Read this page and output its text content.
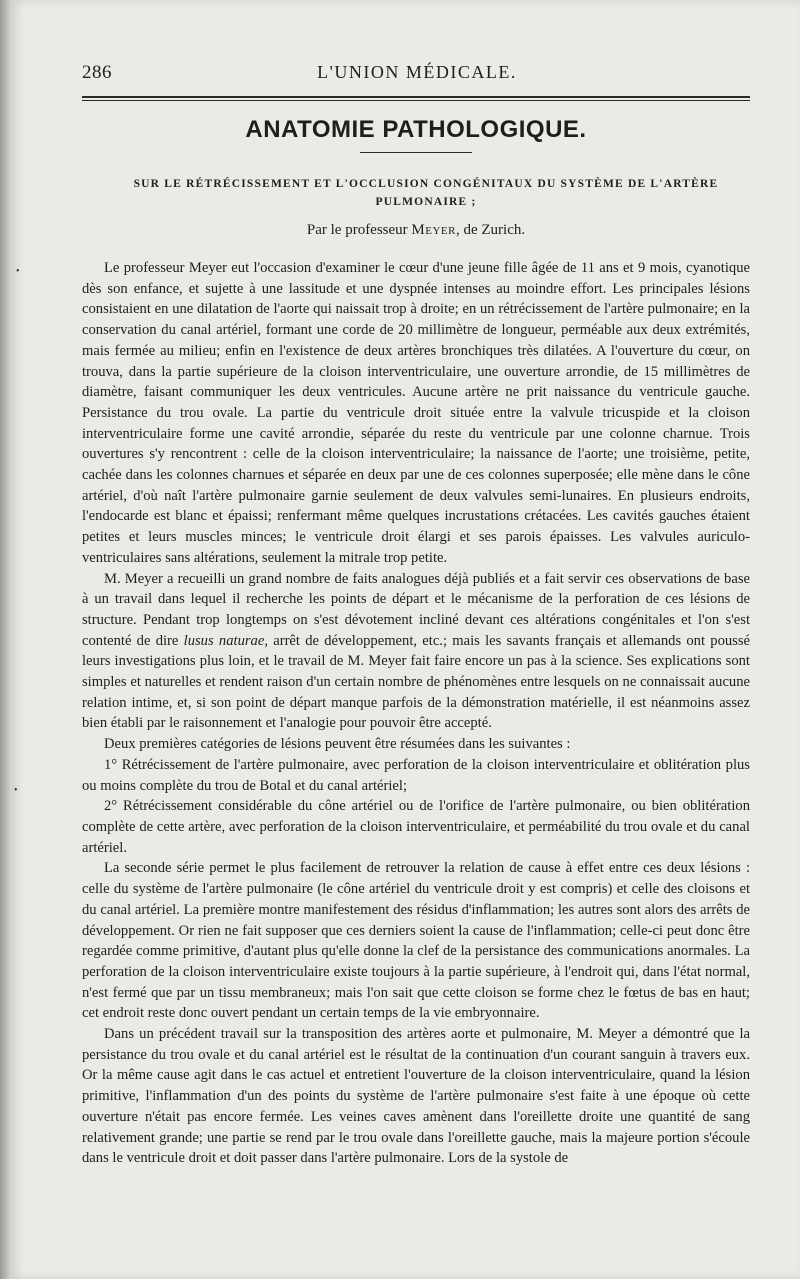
286	L'UNION MÉDICALE.
ANATOMIE PATHOLOGIQUE.
SUR LE RÉTRÉCISSEMENT ET L'OCCLUSION CONGÉNITAUX DU SYSTÈME DE L'ARTÈRE PULMONAIRE ;
Par le professeur Meyer, de Zurich.
•
•

Le professeur Meyer eut l'occasion d'examiner le cœur d'une jeune fille âgée de 11 ans et 9 mois, cyanotique dès son enfance, et sujette à une lassitude et une dyspnée intenses au moindre effort. Les principales lésions consistaient en une dilatation de l'aorte qui naissait trop à droite; en un rétrécissement de l'artère pulmonaire; en la conservation du canal artériel, formant une corde de 20 millimètre de longueur, perméable aux deux extrémités, mais fermée au milieu; enfin en l'existence de deux artères bronchiques très dilatées. A l'ouverture du cœur, on trouva, dans la partie supérieure de la cloison interventriculaire, une ouverture arrondie, de 15 millimètres de diamètre, faisant communiquer les deux ventricules. Aucune artère ne prit naissance du ventricule gauche. Persistance du trou ovale. La partie du ventricule droit située entre la valvule tricuspide et la cloison interventriculaire forme une cavité arrondie, séparée du reste du ventricule par une colonne charnue. Trois ouvertures s'y rencontrent : celle de la cloison interventriculaire; la naissance de l'aorte; une troisième, petite, cachée dans les colonnes charnues et séparée en deux par une de ces colonnes superposée; elle mène dans le cône artériel, d'où naît l'artère pulmonaire garnie seulement de deux valvules semi-lunaires. En plusieurs endroits, l'endocarde est blanc et épaissi; renfermant même quelques incrustations crétacées. Les cavités gauches étaient petites et leurs muscles minces; le ventricule droit élargi et ses parois épaisses. Les valvules auriculo-ventriculaires sans altérations, seulement la mitrale trop petite.

M. Meyer a recueilli un grand nombre de faits analogues déjà publiés et a fait servir ces observations de base à un travail dans lequel il recherche les points de départ et le mécanisme de la perforation de ces lésions de structure. Pendant trop longtemps on s'est dévotement incliné devant ces altérations congénitales et l'on s'est contenté de dire lusus naturae, arrêt de développement, etc.; mais les savants français et allemands ont poussé leurs investigations plus loin, et le travail de M. Meyer fait faire encore un pas à la science. Ses explications sont simples et naturelles et rendent raison d'un certain nombre de phénomènes entre lesquels on ne connaissait aucune relation intime, et, si son point de départ manque parfois de la démonstration matérielle, il est néanmoins assez bien établi par le raisonnement et l'analogie pour pouvoir être accepté.

Deux premières catégories de lésions peuvent être résumées dans les suivantes :

1° Rétrécissement de l'artère pulmonaire, avec perforation de la cloison interventriculaire et oblitération plus ou moins complète du trou de Botal et du canal artériel;

2° Rétrécissement considérable du cône artériel ou de l'orifice de l'artère pulmonaire, ou bien oblitération complète de cette artère, avec perforation de la cloison interventriculaire, et perméabilité du trou ovale et du canal artériel.

La seconde série permet le plus facilement de retrouver la relation de cause à effet entre ces deux lésions : celle du système de l'artère pulmonaire (le cône artériel du ventricule droit y est compris) et celle des cloisons et du canal artériel. La première montre manifestement des résidus d'inflammation; les autres sont alors des arrêts de développement. Or rien ne fait supposer que ces derniers soient la cause de l'inflammation; celle-ci peut donc être regardée comme primitive, d'autant plus qu'elle donne la clef de la persistance des communications anormales. La perforation de la cloison interventriculaire existe toujours à la partie supérieure, à l'endroit qui, dans l'état normal, n'est fermé que par un tissu membraneux; mais l'on sait que cette cloison se forme chez le fœtus de bas en haut; cet endroit reste donc ouvert pendant un certain temps de la vie embryonnaire.

Dans un précédent travail sur la transposition des artères aorte et pulmonaire, M. Meyer a démontré que la persistance du trou ovale et du canal artériel est le résultat de la continuation d'un courant sanguin à travers eux. Or la même cause agit dans le cas actuel et entretient l'ouverture de la cloison interventriculaire, quand la lésion primitive, l'inflammation d'un des points du système de l'artère pulmonaire s'est faite à une époque où cette ouverture n'était pas encore fermée. Les veines caves amènent dans l'oreillette droite une quantité de sang relativement grande; une partie se rend par le trou ovale dans l'oreillette gauche, mais la majeure portion s'écoule dans le ventricule droit et doit passer dans l'artère pulmonaire. Lors de la systole de
